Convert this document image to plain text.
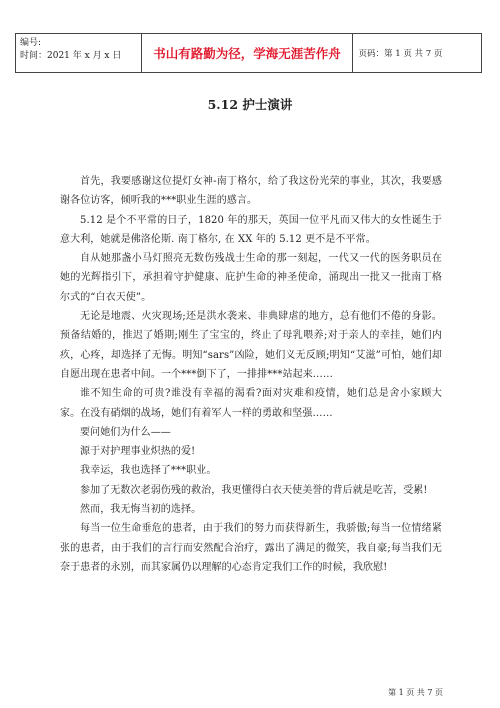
编号:
时间：2021 年 x 月 x 日	书山有路勤为径，学海无涯苦作舟 页码：第 1 页 共 7 页
5.12 护士演讲

首先，我要感谢这位提灯女神-南丁格尔，给了我这份光荣的事业，其次，我要感谢各位访客，倾听我的***职业生涯的感言。

5.12 是个不平常的日子，1820 年的那天，英国一位平凡而又伟大的女性诞生于意大利，她就是佛洛伦斯. 南丁格尔, 在 XX 年的 5.12 更不是不平常。

自从她那盏小马灯照亮无数伤残战士生命的那一刻起，一代又一代的医务职员在她的光辉指引下，承担着守护健康、庇护生命的神圣使命，涌现出一批又一批南丁格尔式的“白衣天使”。

无论是地震、火灾现场;还是洪水袭来、非典肆虐的地方，总有他们不倦的身影。预备结婚的，推迟了婚期;刚生了宝宝的，终止了母乳喂养;对于亲人的幸挂，她们内疚，心疼，却选择了无悔。明知“sars”凶险，她们义无反顾;明知“艾滋”可怕，她们却自愿出现在患者中间。一个***倒下了，一排排***站起来……

谁不知生命的可贵?谁没有幸福的渴看?面对灾难和疫情，她们总是舍小家顾大家。在没有硝烟的战场，她们有着军人一样的勇敢和坚强……

要问她们为什么——

源于对护理事业炽热的爱!

我幸运，我也选择了***职业。

参加了无数次老弱伤残的救治，我更懂得白衣天使美誉的背后就是吃苦，受累!

然而，我无悔当初的选择。

每当一位生命垂危的患者，由于我们的努力而获得新生，我骄傲;每当一位情绪紧张的患者，由于我们的言行而安然配合治疗，露出了满足的微笑，我自豪;每当我们无奈于患者的永别，而其家属仍以理解的心态肯定我们工作的时候，我欣慰!

第 1 页 共 7 页
